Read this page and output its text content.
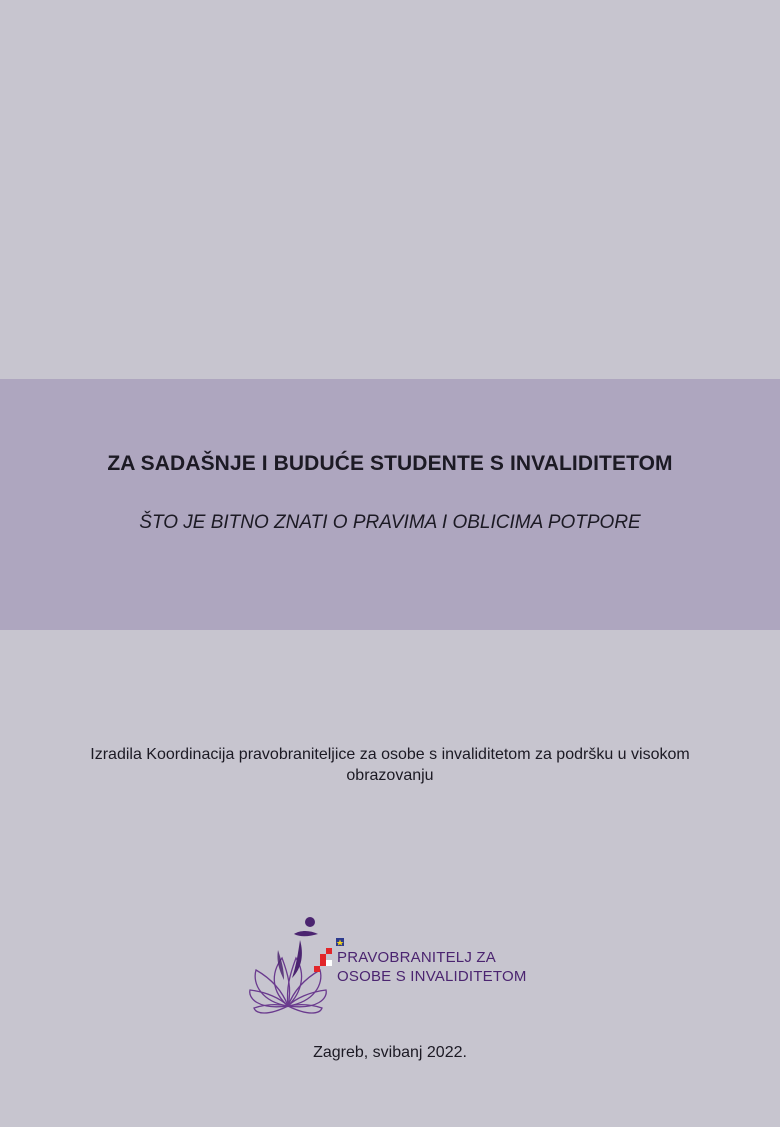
ZA SADAŠNJE I BUDUĆE STUDENTE S INVALIDITETOM
ŠTO JE BITNO ZNATI O PRAVIMA I OBLICIMA POTPORE
Izradila Koordinacija pravobraniteljice za osobe s invaliditetom za podršku u visokom obrazovanju
PRAVOBRANITELJ ZA
OSOBE S INVALIDITETOM
Zagreb, svibanj 2022.
